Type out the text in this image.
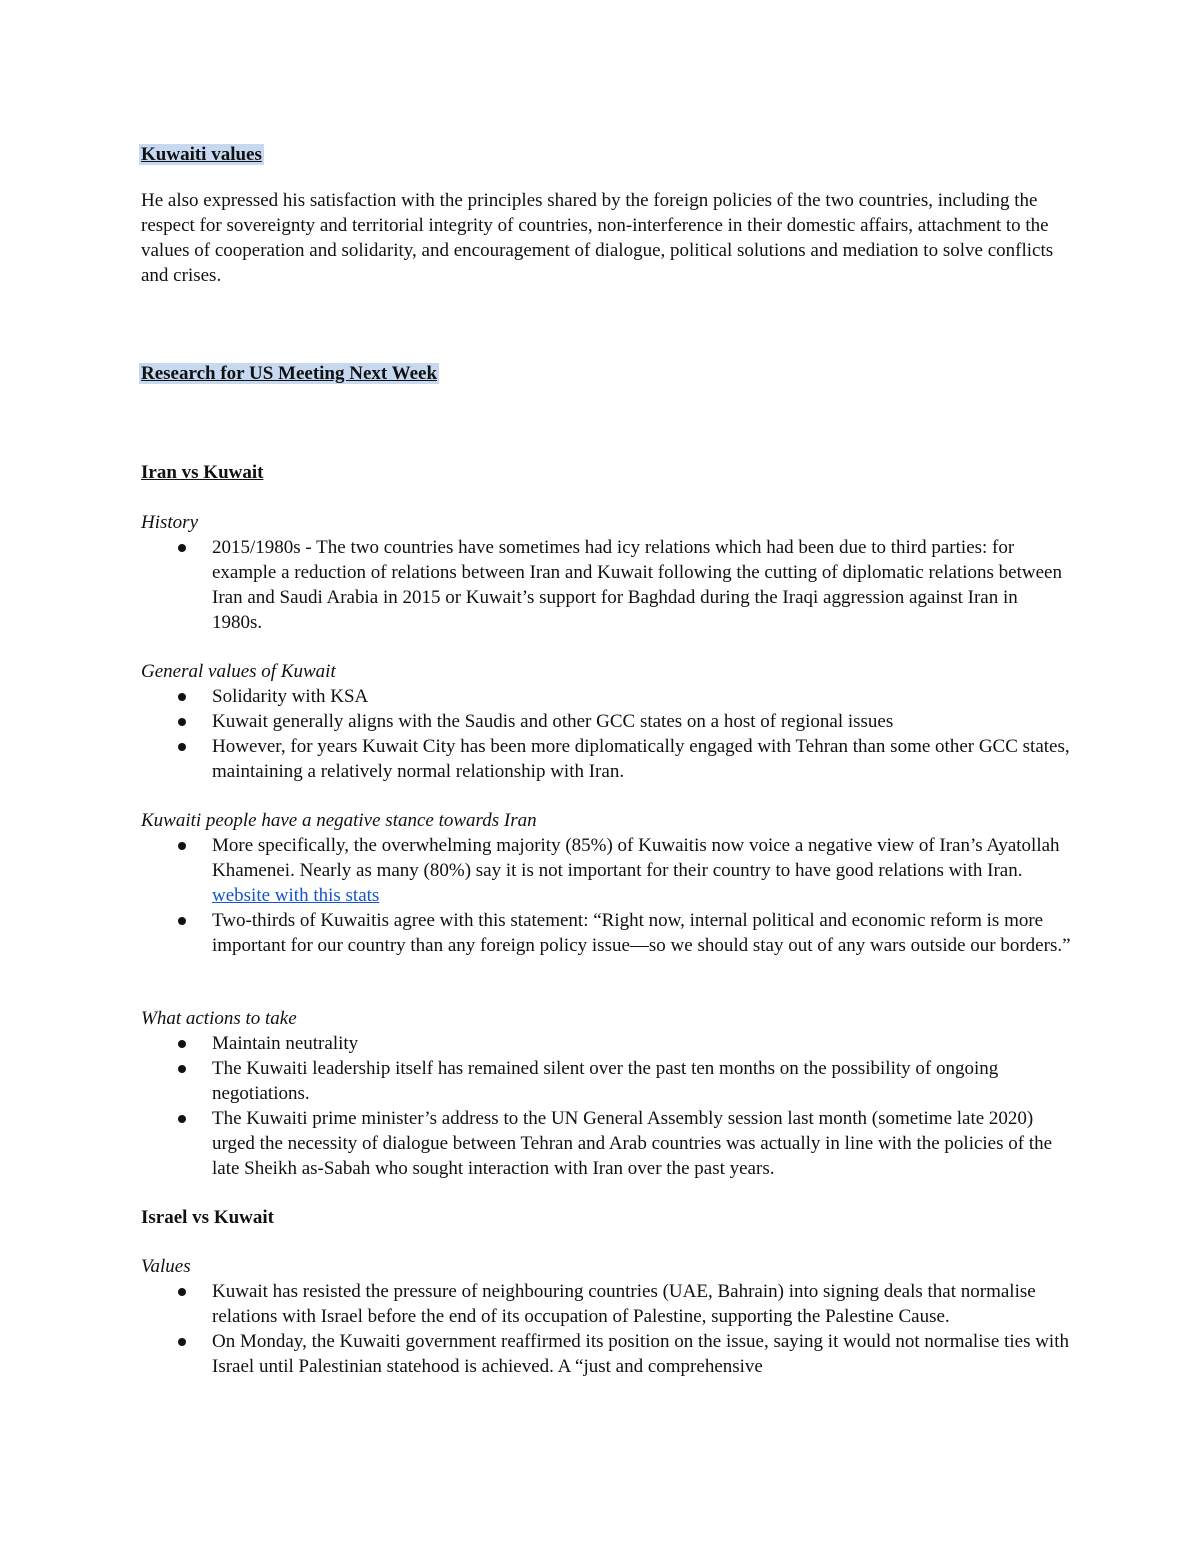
Kuwaiti values

He also expressed his satisfaction with the principles shared by the foreign policies of the two countries, including the respect for sovereignty and territorial integrity of countries, non-interference in their domestic affairs, attachment to the values of cooperation and solidarity, and encouragement of dialogue, political solutions and mediation to solve conflicts and crises.

Research for US Meeting Next Week

Iran vs Kuwait

History

2015/1980s - The two countries have sometimes had icy relations which had been due to third parties: for example a reduction of relations between Iran and Kuwait following the cutting of diplomatic relations between Iran and Saudi Arabia in 2015 or Kuwait’s support for Baghdad during the Iraqi aggression against Iran in 1980s.

General values of Kuwait

Solidarity with KSA
Kuwait generally aligns with the Saudis and other GCC states on a host of regional issues
However, for years Kuwait City has been more diplomatically engaged with Tehran than some other GCC states, maintaining a relatively normal relationship with Iran.

Kuwaiti people have a negative stance towards Iran

More specifically, the overwhelming majority (85%) of Kuwaitis now voice a negative view of Iran’s Ayatollah Khamenei. Nearly as many (80%) say it is not important for their country to have good relations with Iran. website with this stats
Two-thirds of Kuwaitis agree with this statement: “Right now, internal political and economic reform is more important for our country than any foreign policy issue—so we should stay out of any wars outside our borders.”

What actions to take

Maintain neutrality
The Kuwaiti leadership itself has remained silent over the past ten months on the possibility of ongoing negotiations.
The Kuwaiti prime minister’s address to the UN General Assembly session last month (sometime late 2020) urged the necessity of dialogue between Tehran and Arab countries was actually in line with the policies of the late Sheikh as-Sabah who sought interaction with Iran over the past years.

Israel vs Kuwait

Values

Kuwait has resisted the pressure of neighbouring countries (UAE, Bahrain) into signing deals that normalise relations with Israel before the end of its occupation of Palestine, supporting the Palestine Cause.
On Monday, the Kuwaiti government reaffirmed its position on the issue, saying it would not normalise ties with Israel until Palestinian statehood is achieved. A “just and comprehensive
